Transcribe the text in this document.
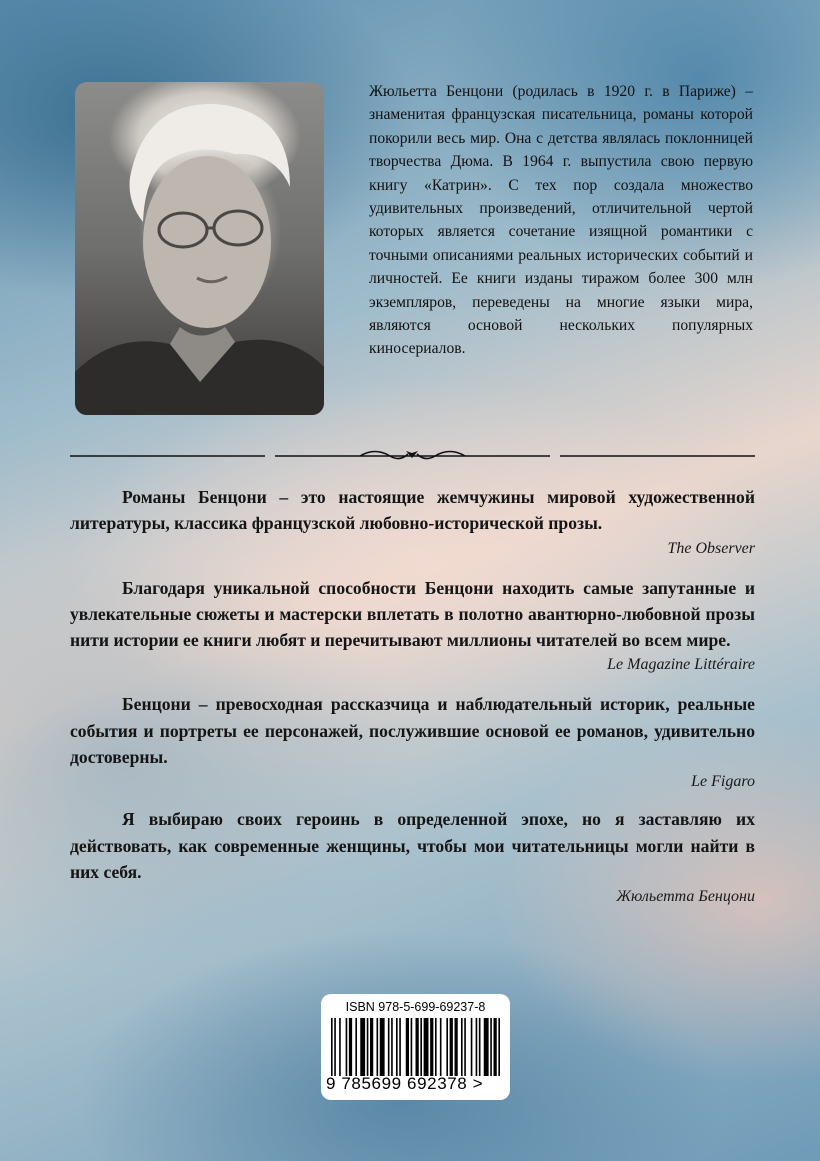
Жюльетта Бенцони (родилась в 1920 г. в Париже) – знаменитая французская писательница, романы которой покорили весь мир. Она с детства являлась поклонницей творчества Дюма. В 1964 г. выпустила свою первую книгу «Катрин». С тех пор создала множество удивительных произведений, отличительной чертой которых является сочетание изящной романтики с точными описаниями реальных исторических событий и личностей. Ее книги изданы тиражом более 300 млн экземпляров, переведены на многие языки мира, являются основой нескольких популярных киносериалов.

Романы Бенцони – это настоящие жемчужины мировой художественной литературы, классика французской любовно-исторической прозы.

The Observer

Благодаря уникальной способности Бенцони находить самые запутанные и увлекательные сюжеты и мастерски вплетать в полотно авантюрно-любовной прозы нити истории ее книги любят и перечитывают миллионы читателей во всем мире.

Le Magazine Littéraire

Бенцони – превосходная рассказчица и наблюдательный историк, реальные события и портреты ее персонажей, послужившие основой ее романов, удивительно достоверны.

Le Figaro

Я выбираю своих героинь в определенной эпохе, но я заставляю их действовать, как современные женщины, чтобы мои читательницы могли найти в них себя.

Жюльетта Бенцони

ISBN 978-5-699-69237-8
9 785699 692378 >
